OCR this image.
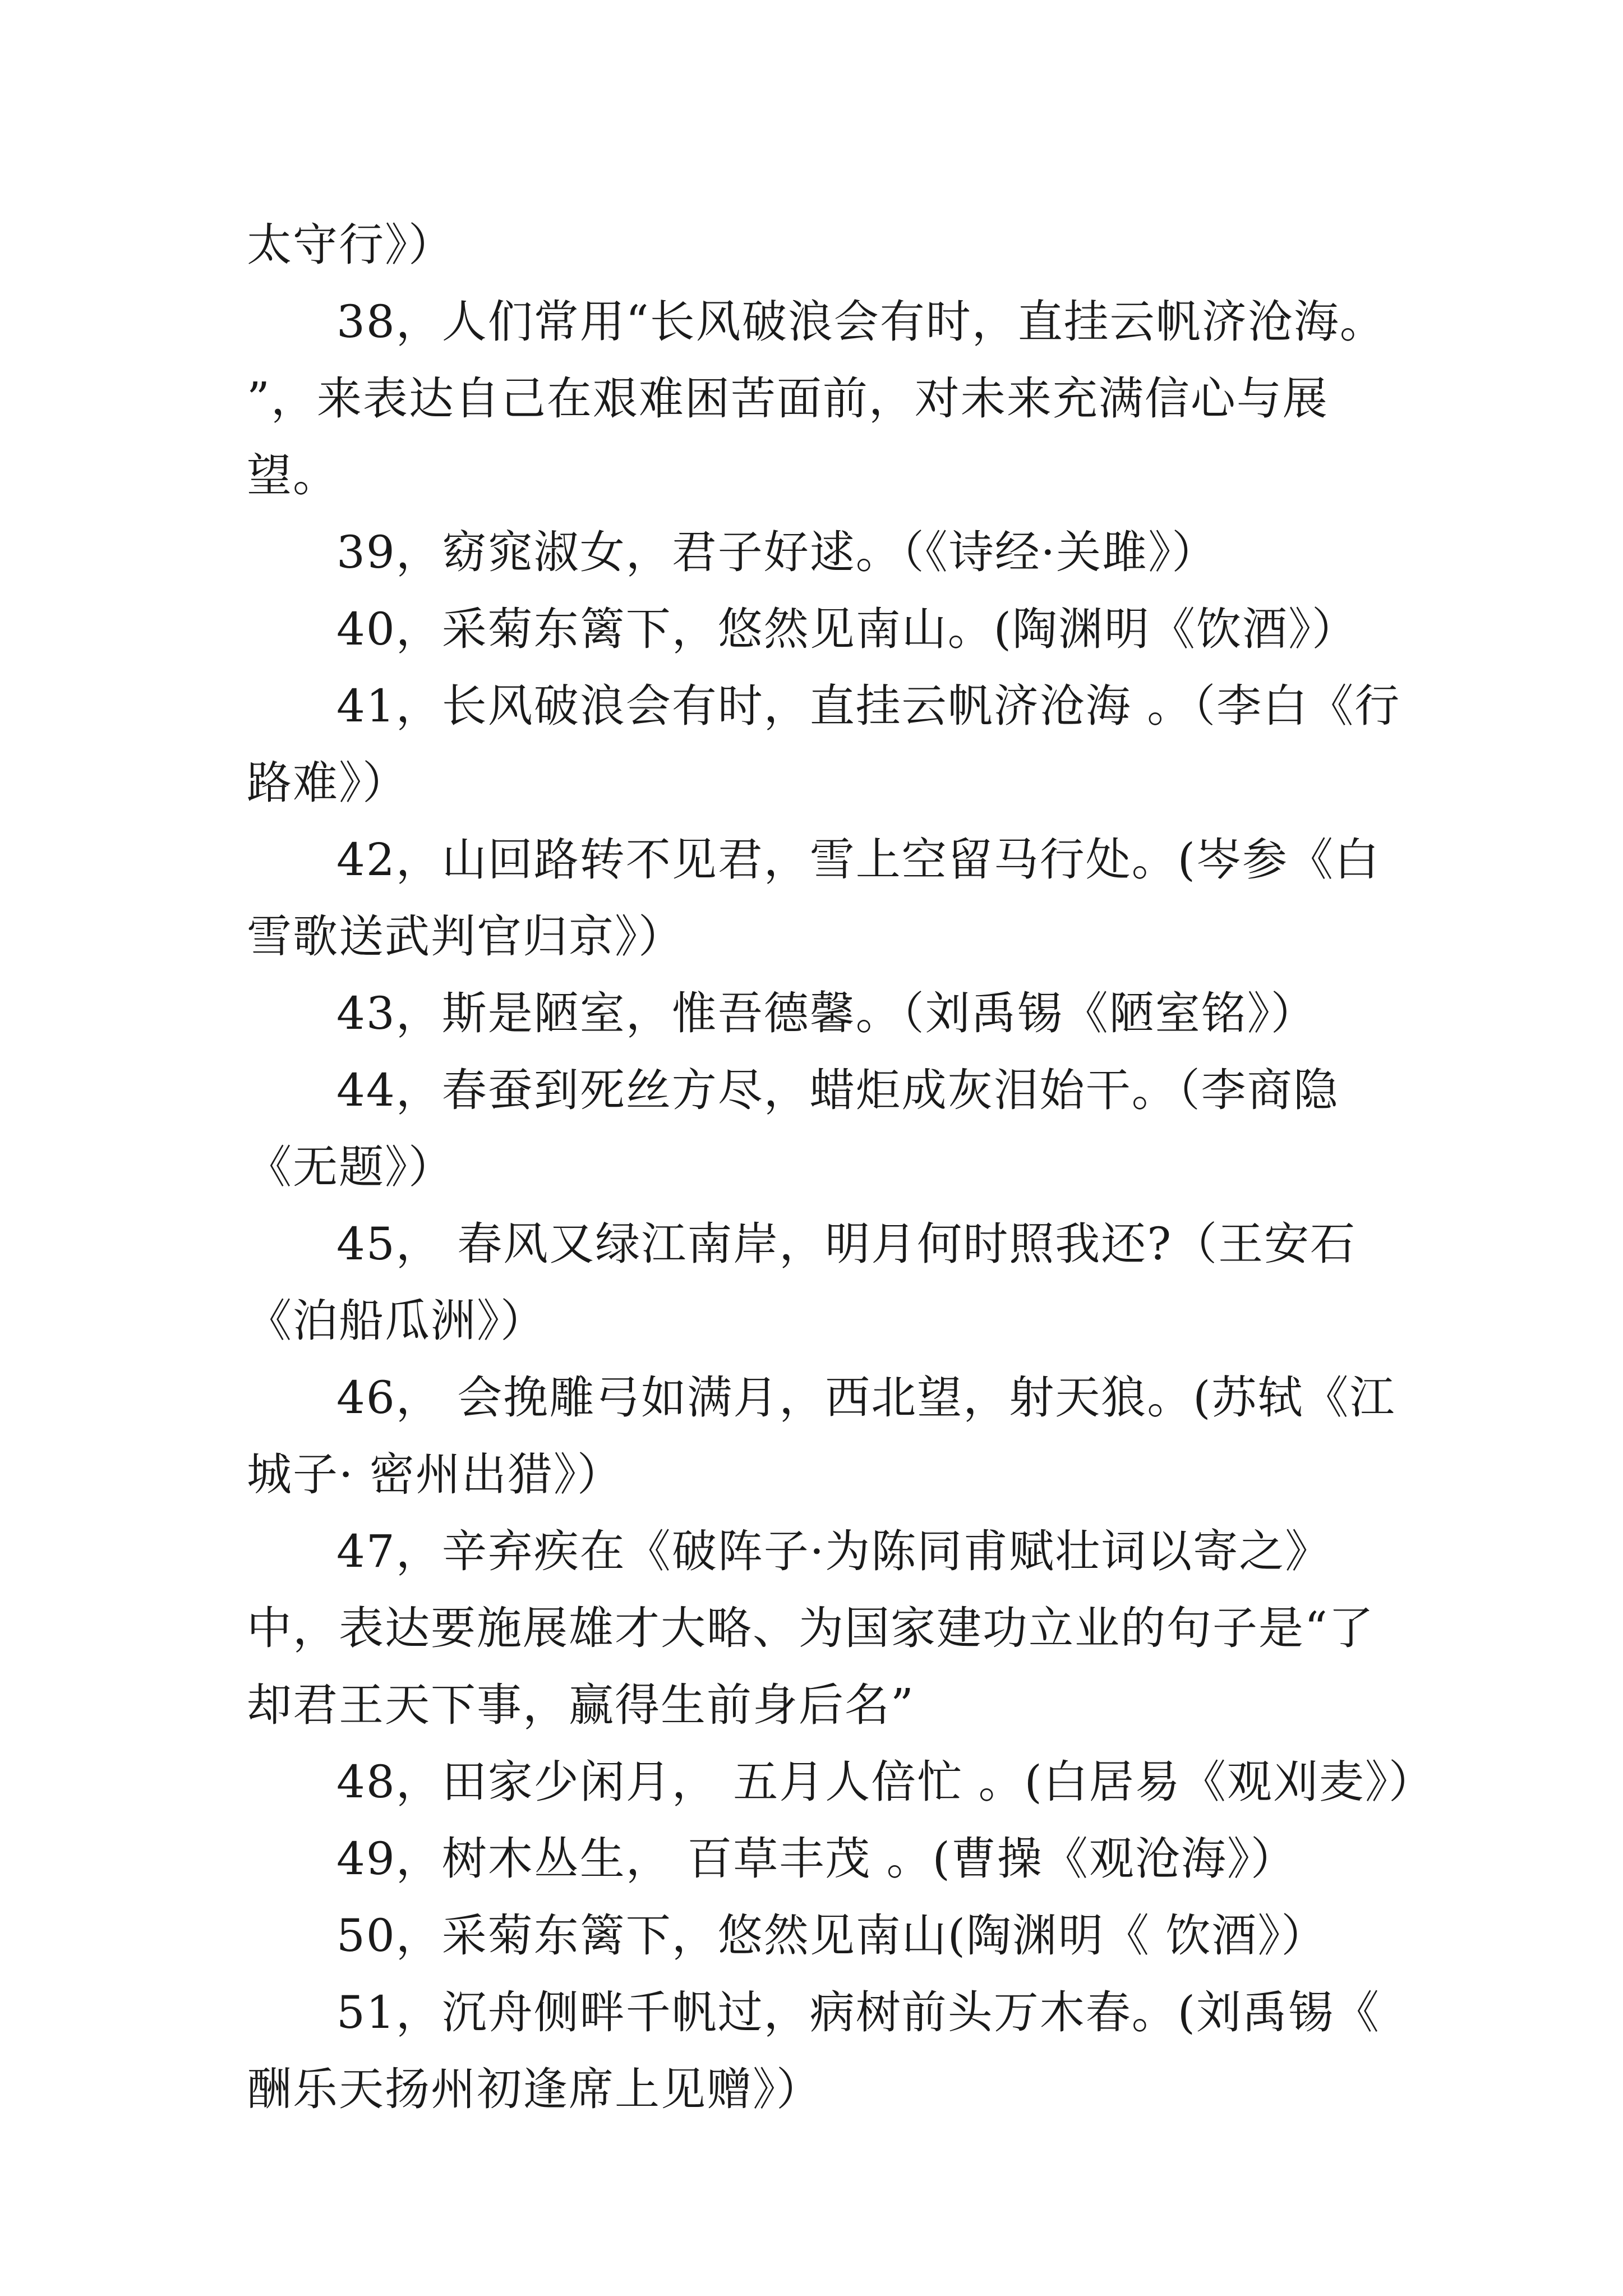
太守行》）

38，人们常用“长风破浪会有时，直挂云帆济沧海。 ”，来表达自己在艰难困苦面前，对未来充满信心与展望。

39，窈窕淑女，君子好逑。（《诗经·关雎》）

40，采菊东篱下，悠然见南山。(陶渊明《饮酒》）

41，长风破浪会有时，直挂云帆济沧海 。（李白《行路难》）

42，山回路转不见君，雪上空留马行处。(岑参《白雪歌送武判官归京》）

43，斯是陋室，惟吾德馨。（刘禹锡《陋室铭》）

44，春蚕到死丝方尽，蜡炬成灰泪始干。（李商隐《无题》）

45， 春风又绿江南岸，明月何时照我还?（王安石《泊船瓜洲》）

46， 会挽雕弓如满月，西北望，射天狼。(苏轼《江城子· 密州出猎》）

47，辛弃疾在《破阵子·为陈同甫赋壮词以寄之》中，表达要施展雄才大略、为国家建功立业的句子是“了却君王天下事，赢得生前身后名”

48，田家少闲月， 五月人倍忙 。(白居易《观刈麦》）

49，树木丛生， 百草丰茂 。(曹操《观沧海》）

50，采菊东篱下，悠然见南山(陶渊明《 饮酒》）

51，沉舟侧畔千帆过，病树前头万木春。(刘禹锡《 酬乐天扬州初逢席上见赠》）
